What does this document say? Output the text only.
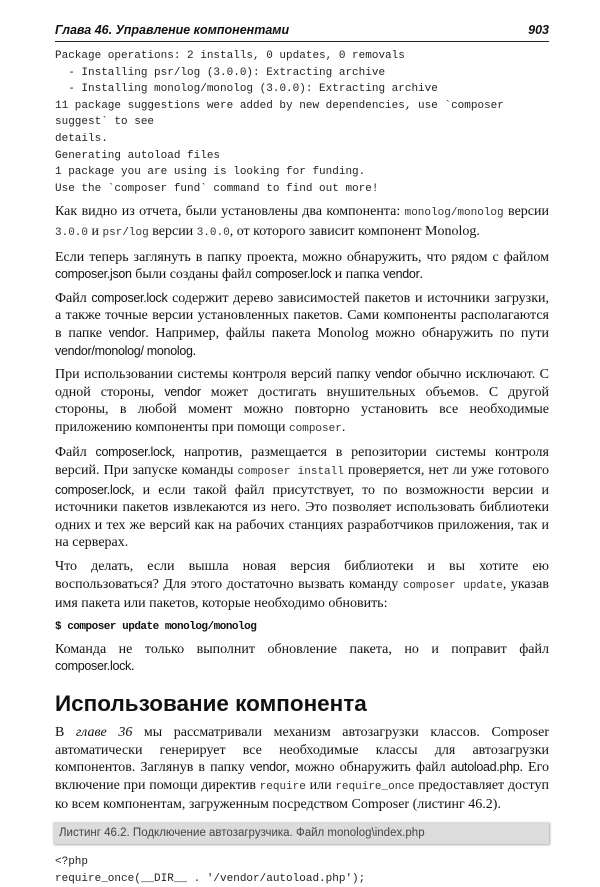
Глава 46. Управление компонентами	903
Package operations: 2 installs, 0 updates, 0 removals
- Installing psr/log (3.0.0): Extracting archive
- Installing monolog/monolog (3.0.0): Extracting archive
11 package suggestions were added by new dependencies, use `composer suggest` to see
details.
Generating autoload files
1 package you are using is looking for funding.
Use the `composer fund` command to find out more!
Как видно из отчета, были установлены два компонента: monolog/monolog версии 3.0.0 и psr/log версии 3.0.0, от которого зависит компонент Monolog.
Если теперь заглянуть в папку проекта, можно обнаружить, что рядом с файлом composer.json были созданы файл composer.lock и папка vendor.
Файл composer.lock содержит дерево зависимостей пакетов и источники загрузки, а также точные версии установленных пакетов. Сами компоненты располагаются в папке vendor. Например, файлы пакета Monolog можно обнаружить по пути vendor/monolog/ monolog.
При использовании системы контроля версий папку vendor обычно исключают. С одной стороны, vendor может достигать внушительных объемов. С другой стороны, в любой момент можно повторно установить все необходимые приложению компоненты при помощи composer.
Файл composer.lock, напротив, размещается в репозитории системы контроля версий. При запуске команды composer install проверяется, нет ли уже готового composer.lock, и если такой файл присутствует, то по возможности версии и источники пакетов извлекаются из него. Это позволяет использовать библиотеки одних и тех же версий как на рабочих станциях разработчиков приложения, так и на серверах.
Что делать, если вышла новая версия библиотеки и вы хотите ею воспользоваться? Для этого достаточно вызвать команду composer update, указав имя пакета или пакетов, которые необходимо обновить:
$ composer update monolog/monolog
Команда не только выполнит обновление пакета, но и поправит файл composer.lock.
Использование компонента
В главе 36 мы рассматривали механизм автозагрузки классов. Composer автоматически генерирует все необходимые классы для автозагрузки компонентов. Заглянув в папку vendor, можно обнаружить файл autoload.php. Его включение при помощи директив require или require_once предоставляет доступ ко всем компонентам, загруженным посредством Composer (листинг 46.2).
Листинг 46.2. Подключение автозагрузчика. Файл monolog\index.php
<?php
require_once(__DIR__ . '/vendor/autoload.php');
